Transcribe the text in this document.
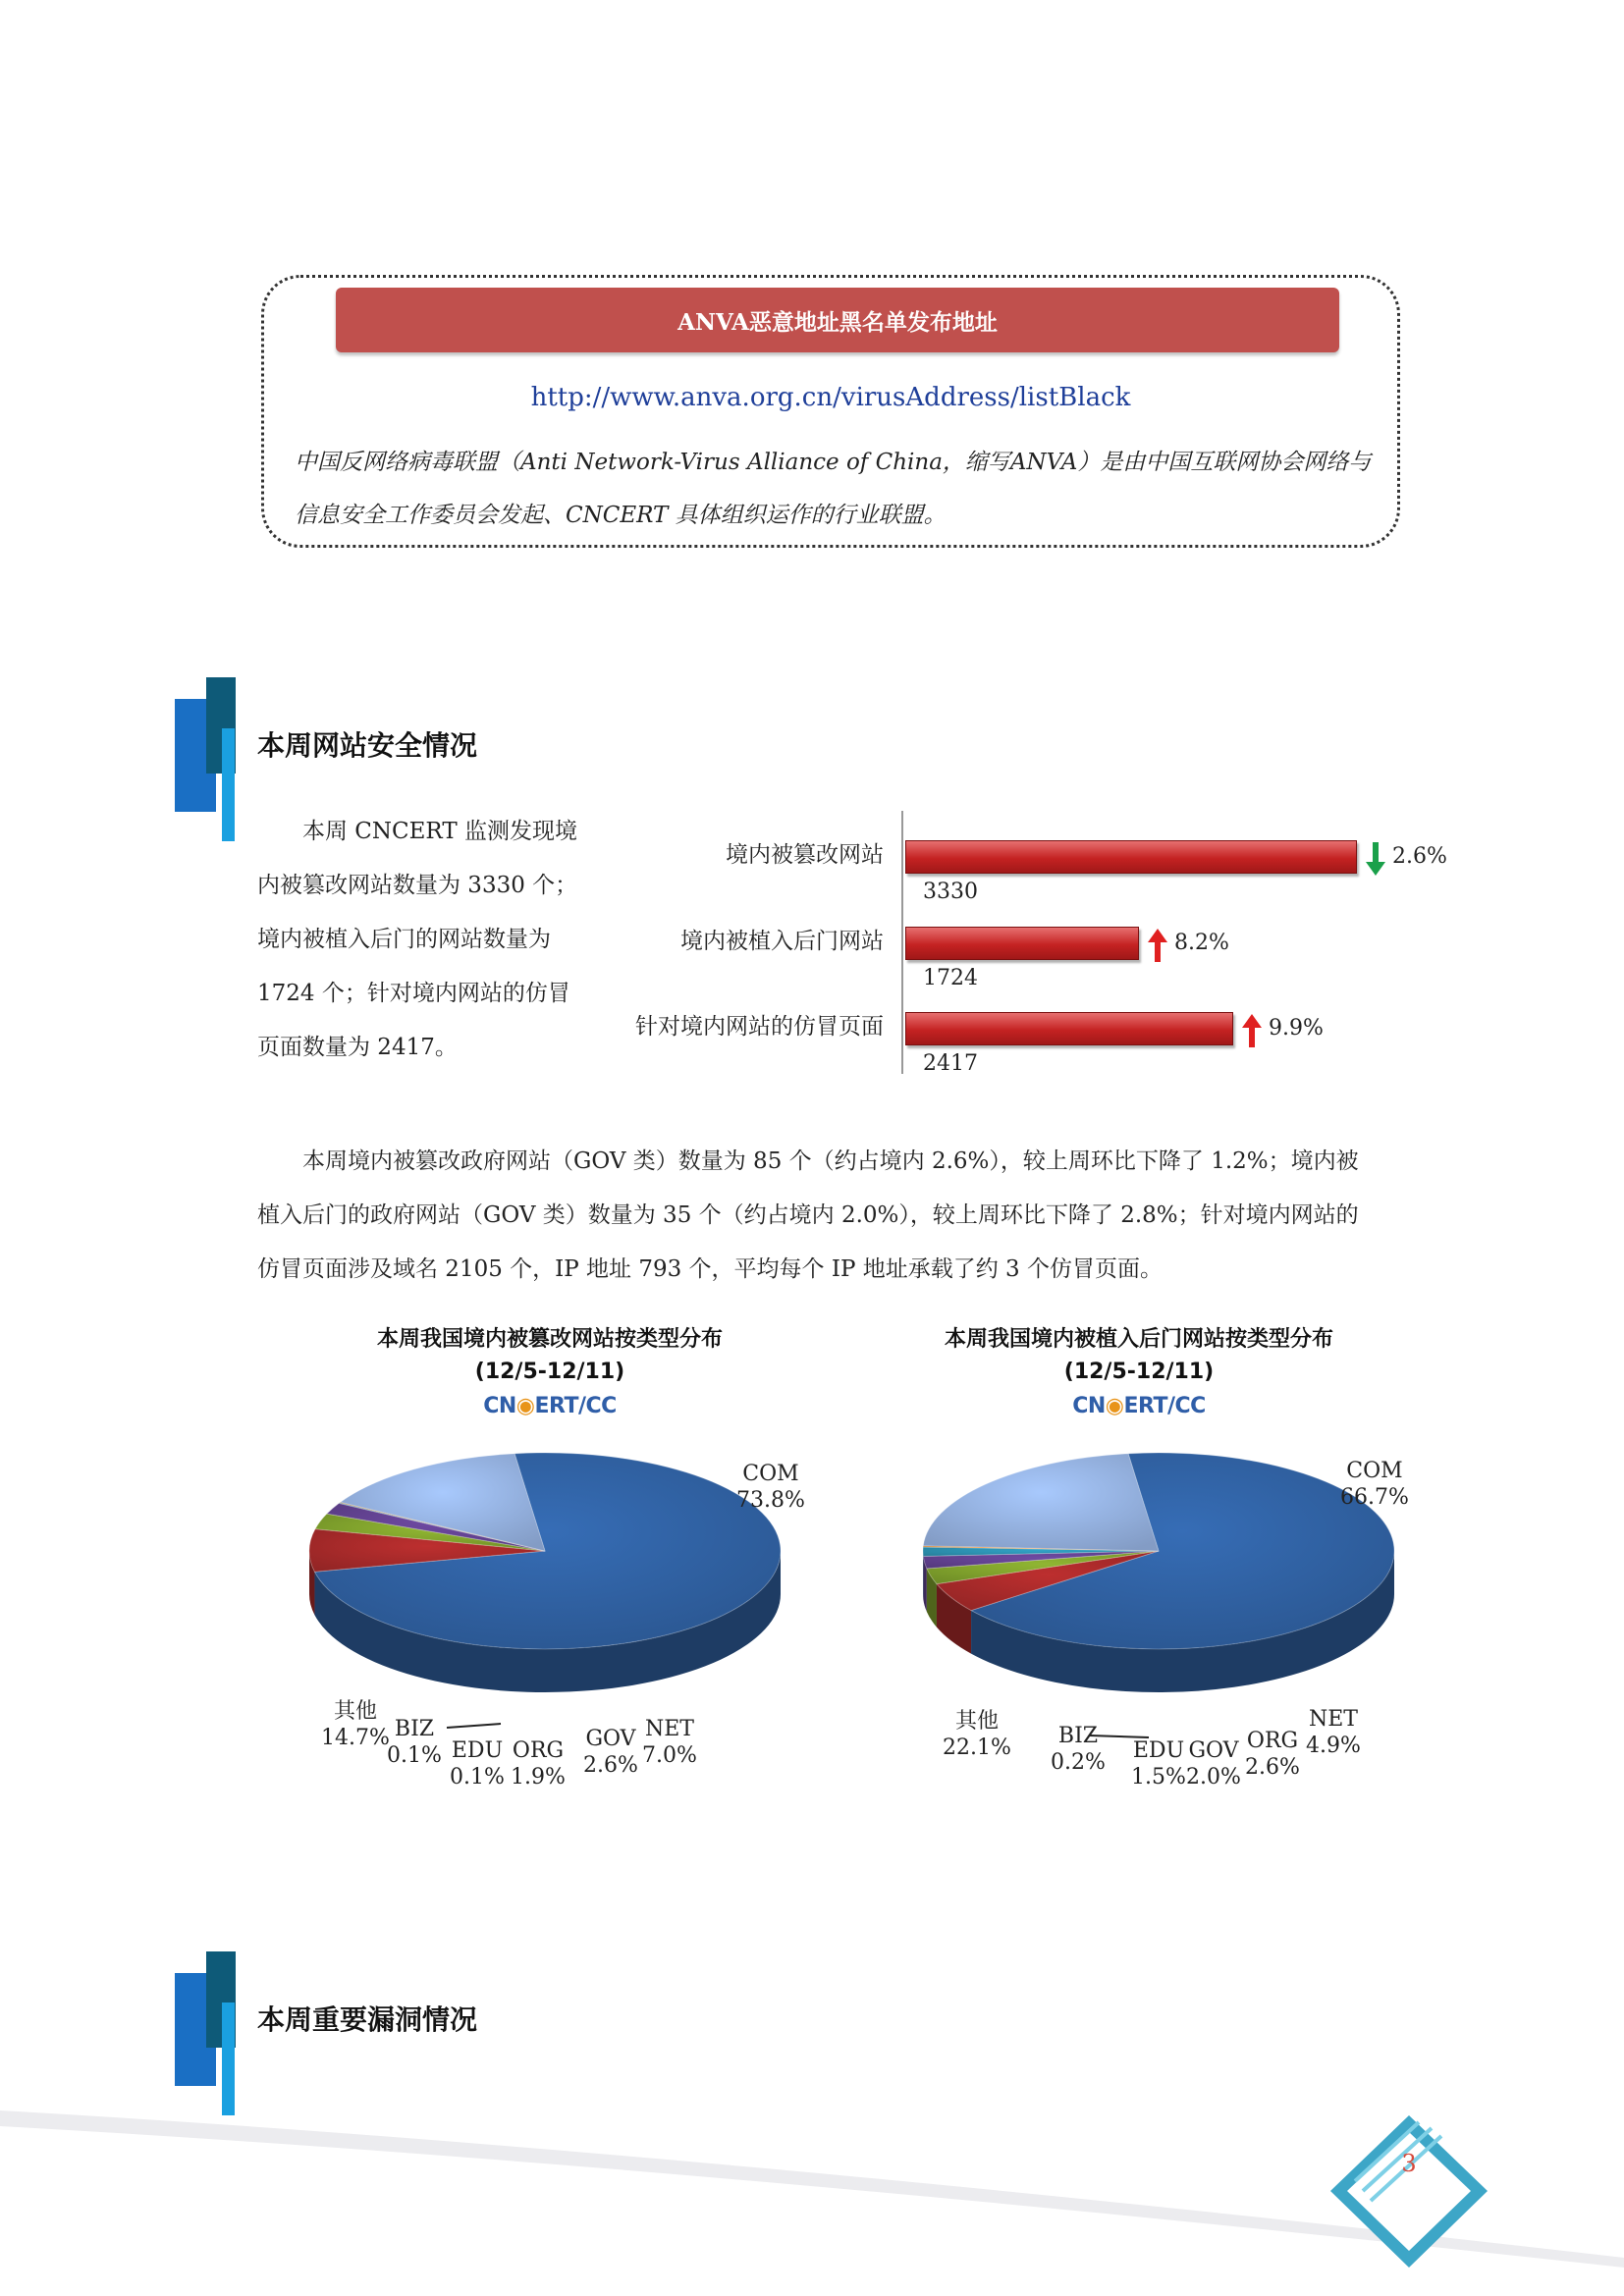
ANVA恶意地址黑名单发布地址
http://www.anva.org.cn/virusAddress/listBlack
中国反网络病毒联盟（Anti Network-Virus Alliance of China，缩写ANVA）是由中国互联网协会网络与
信息安全工作委员会发起、CNCERT 具体组织运作的行业联盟。
本周网站安全情况
本周 CNCERT 监测发现境
内被篡改网站数量为 3330 个；
境内被植入后门的网站数量为
1724 个；针对境内网站的仿冒
页面数量为 2417。
境内被篡改网站
3330
2.6%
境内被植入后门网站
1724
8.2%
针对境内网站的仿冒页面
2417
9.9%
本周境内被篡改政府网站（GOV 类）数量为 85 个（约占境内 2.6%），较上周环比下降了 1.2%；境内被
植入后门的政府网站（GOV 类）数量为 35 个（约占境内 2.0%），较上周环比下降了 2.8%；针对境内网站的
仿冒页面涉及域名 2105 个，IP 地址 793 个，平均每个 IP 地址承载了约 3 个仿冒页面。
本周我国境内被篡改网站按类型分布
(12/5-12/11)
CN◉ERT/CC
本周我国境内被植入后门网站按类型分布
(12/5-12/11)
CN◉ERT/CC
COM
73.8%
NET
7.0%
GOV
2.6%
ORG
1.9%
EDU
0.1%
BIZ
0.1%
其他
14.7%
COM
66.7%
NET
4.9%
ORG
2.6%
GOV
2.0%
EDU
1.5%
BIZ
0.2%
其他
22.1%
本周重要漏洞情况
3
